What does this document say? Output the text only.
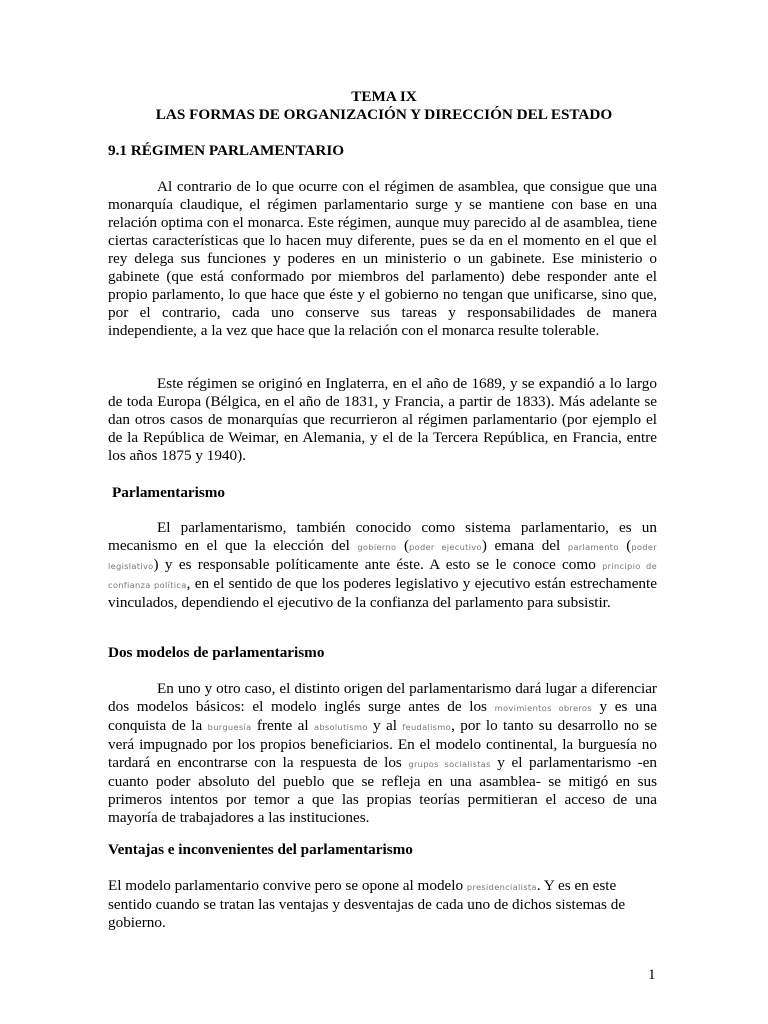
TEMA IX
LAS FORMAS DE ORGANIZACIÓN Y DIRECCIÓN DEL ESTADO
9.1 RÉGIMEN PARLAMENTARIO
Al contrario de lo que ocurre con el régimen de asamblea, que consigue que una monarquía claudique, el régimen parlamentario surge y se mantiene con base en una relación optima con el monarca. Este régimen, aunque muy parecido al de asamblea, tiene ciertas características que lo hacen muy diferente, pues se da en el momento en el que el rey delega sus funciones y poderes en un ministerio o un gabinete. Ese ministerio o gabinete (que está conformado por miembros del parlamento) debe responder ante el propio parlamento, lo que hace que éste y el gobierno no tengan que unificarse, sino que, por el contrario, cada uno conserve sus tareas y responsabilidades de manera independiente, a la vez que hace que la relación con el monarca resulte tolerable.
Este régimen se originó en Inglaterra, en el año de 1689, y se expandió a lo largo de toda Europa (Bélgica, en el año de 1831, y Francia, a partir de 1833). Más adelante se dan otros casos de monarquías que recurrieron al régimen parlamentario (por ejemplo el de la República de Weimar, en Alemania, y el de la Tercera República, en Francia, entre los años 1875 y 1940).
Parlamentarismo
El parlamentarismo, también conocido como sistema parlamentario, es un mecanismo en el que la elección del gobierno (poder ejecutivo) emana del parlamento (poder legislativo) y es responsable políticamente ante éste. A esto se le conoce como principio de confianza política, en el sentido de que los poderes legislativo y ejecutivo están estrechamente vinculados, dependiendo el ejecutivo de la confianza del parlamento para subsistir.
Dos modelos de parlamentarismo
En uno y otro caso, el distinto origen del parlamentarismo dará lugar a diferenciar dos modelos básicos: el modelo inglés surge antes de los movimientos obreros y es una conquista de la burguesía frente al absolutismo y al feudalismo, por lo tanto su desarrollo no se verá impugnado por los propios beneficiarios. En el modelo continental, la burguesía no tardará en encontrarse con la respuesta de los grupos socialistas y el parlamentarismo -en cuanto poder absoluto del pueblo que se refleja en una asamblea- se mitigó en sus primeros intentos por temor a que las propias teorías permitieran el acceso de una mayoría de trabajadores a las instituciones.
Ventajas e inconvenientes del parlamentarismo
El modelo parlamentario convive pero se opone al modelo presidencialista. Y es en este sentido cuando se tratan las ventajas y desventajas de cada uno de dichos sistemas de gobierno.
1
